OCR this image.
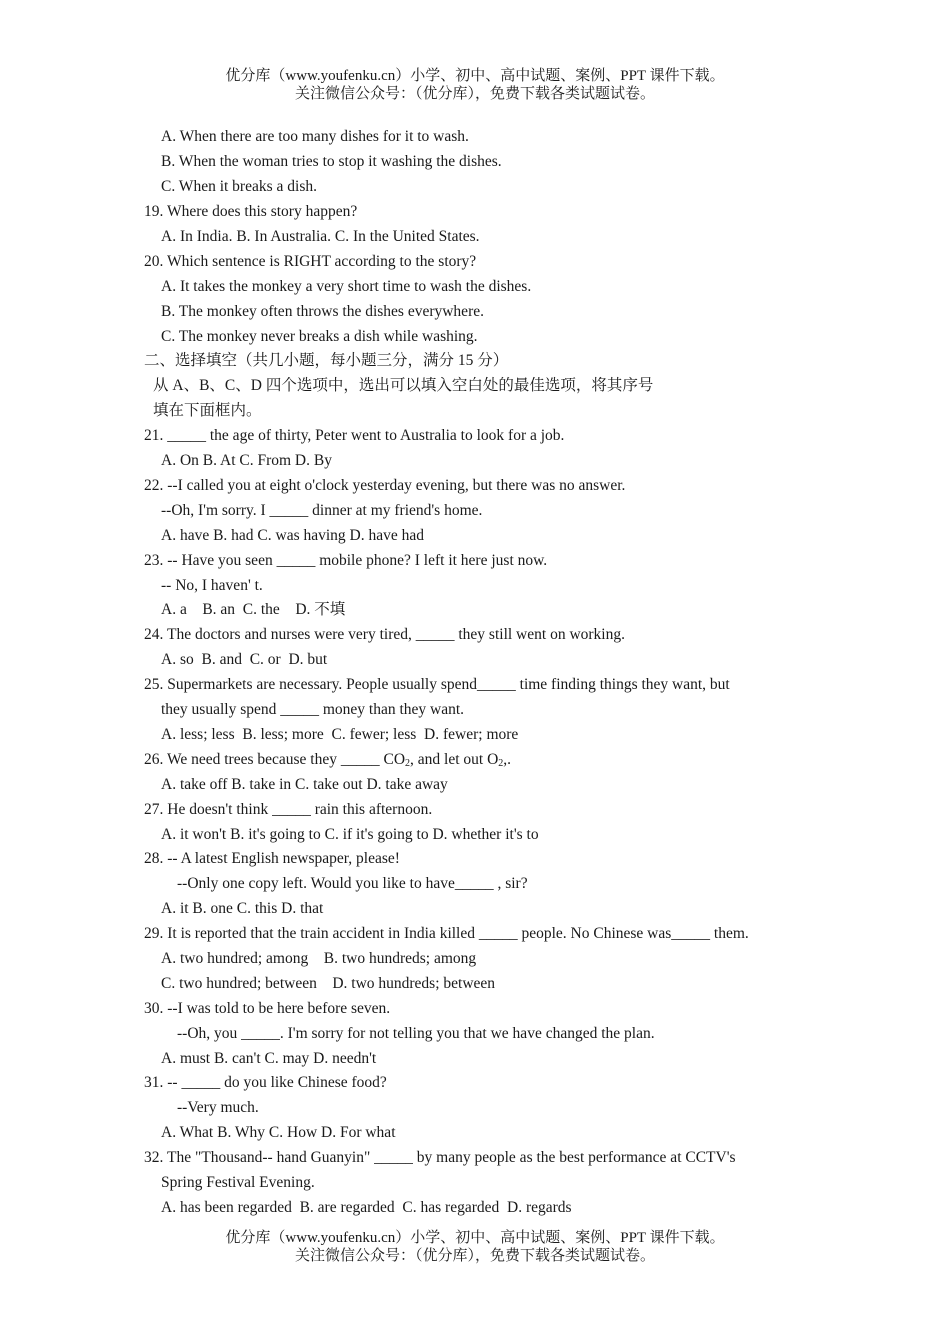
优分库（www.youfenku.cn）小学、初中、高中试题、案例、PPT 课件下载。
关注微信公众号：（优分库），免费下载各类试题试卷。
A. When there are too many dishes for it to wash.
B. When the woman tries to stop it washing the dishes.
C. When it breaks a dish.
19. Where does this story happen?
A. In India. B. In Australia. C. In the United States.
20. Which sentence is RIGHT according to the story?
A. It takes the monkey a very short time to wash the dishes.
B. The monkey often throws the dishes everywhere.
C. The monkey never breaks a dish while washing.
二、选择填空（共几小题，每小题三分，满分 15 分）
从 A、B、C、D 四个选项中，选出可以填入空白处的最佳选项，将其序号
填在下面框内。
21. _____ the age of thirty, Peter went to Australia to look for a job.
A. On B. At C. From D. By
22. --I called you at eight o'clock yesterday evening, but there was no answer.
--Oh, I'm sorry. I _____ dinner at my friend's home.
A. have B. had C. was having D. have had
23. -- Have you seen _____ mobile phone? I left it here just now.
-- No, I haven' t.
A. a    B. an  C. the    D. 不填
24. The doctors and nurses were very tired, _____ they still went on working.
A. so  B. and  C. or  D. but
25. Supermarkets are necessary. People usually spend_____ time finding things they want, but
they usually spend _____ money than they want.
A. less; less  B. less; more  C. fewer; less  D. fewer; more
26. We need trees because they _____ $CO_2$, and let out $O_2$,.
A. take off B. take in C. take out D. take away
27. He doesn't think _____ rain this afternoon.
A. it won't B. it's going to C. if it's going to D. whether it's to
28. -- A latest English newspaper, please!
--Only one copy left. Would you like to have_____ , sir?
A. it B. one C. this D. that
29. It is reported that the train accident in India killed _____ people. No Chinese was_____ them.
A. two hundred; among    B. two hundreds; among
C. two hundred; between    D. two hundreds; between
30. --I was told to be here before seven.
--Oh, you _____. I'm sorry for not telling you that we have changed the plan.
A. must B. can't C. may D. needn't
31. -- _____ do you like Chinese food?
--Very much.
A. What B. Why C. How D. For what
32. The "Thousand-- hand Guanyin" _____ by many people as the best performance at CCTV's
Spring Festival Evening.
A. has been regarded  B. are regarded  C. has regarded  D. regards
优分库（www.youfenku.cn）小学、初中、高中试题、案例、PPT 课件下载。
关注微信公众号：（优分库），免费下载各类试题试卷。
